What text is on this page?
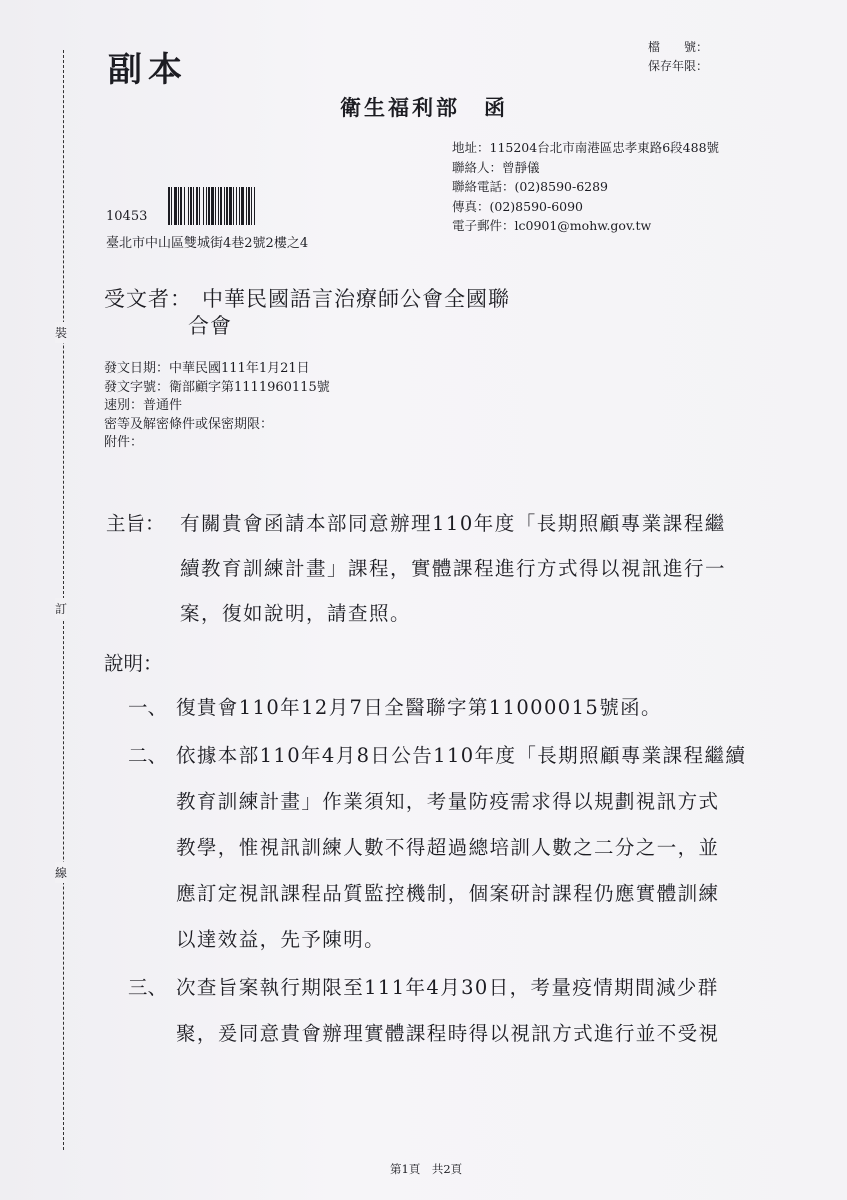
裝
訂
線
副本
檔　　號：
保存年限：
衛生福利部　函
地址：115204台北市南港區忠孝東路6段488號
聯絡人：曾靜儀
聯絡電話：(02)8590-6289
傳真：(02)8590-6090
電子郵件：lc0901@mohw.gov.tw
10453
臺北市中山區雙城街4巷2號2樓之4
受文者： 中華民國語言治療師公會全國聯
合會
發文日期：中華民國111年1月21日
發文字號：衛部顧字第1111960115號
速別：普通件
密等及解密條件或保密期限：
附件：
主旨： 有關貴會函請本部同意辦理110年度「長期照顧專業課程繼
續教育訓練計畫」課程，實體課程進行方式得以視訊進行一
案，復如說明，請查照。
說明：
一、 復貴會110年12月7日全醫聯字第11000015號函。
二、 依據本部110年4月8日公告110年度「長期照顧專業課程繼續
教育訓練計畫」作業須知，考量防疫需求得以規劃視訊方式
教學，惟視訊訓練人數不得超過總培訓人數之二分之一，並
應訂定視訊課程品質監控機制，個案研討課程仍應實體訓練
以達效益，先予陳明。
三、 次查旨案執行期限至111年4月30日，考量疫情期間減少群
聚，爰同意貴會辦理實體課程時得以視訊方式進行並不受視
第1頁　共2頁
